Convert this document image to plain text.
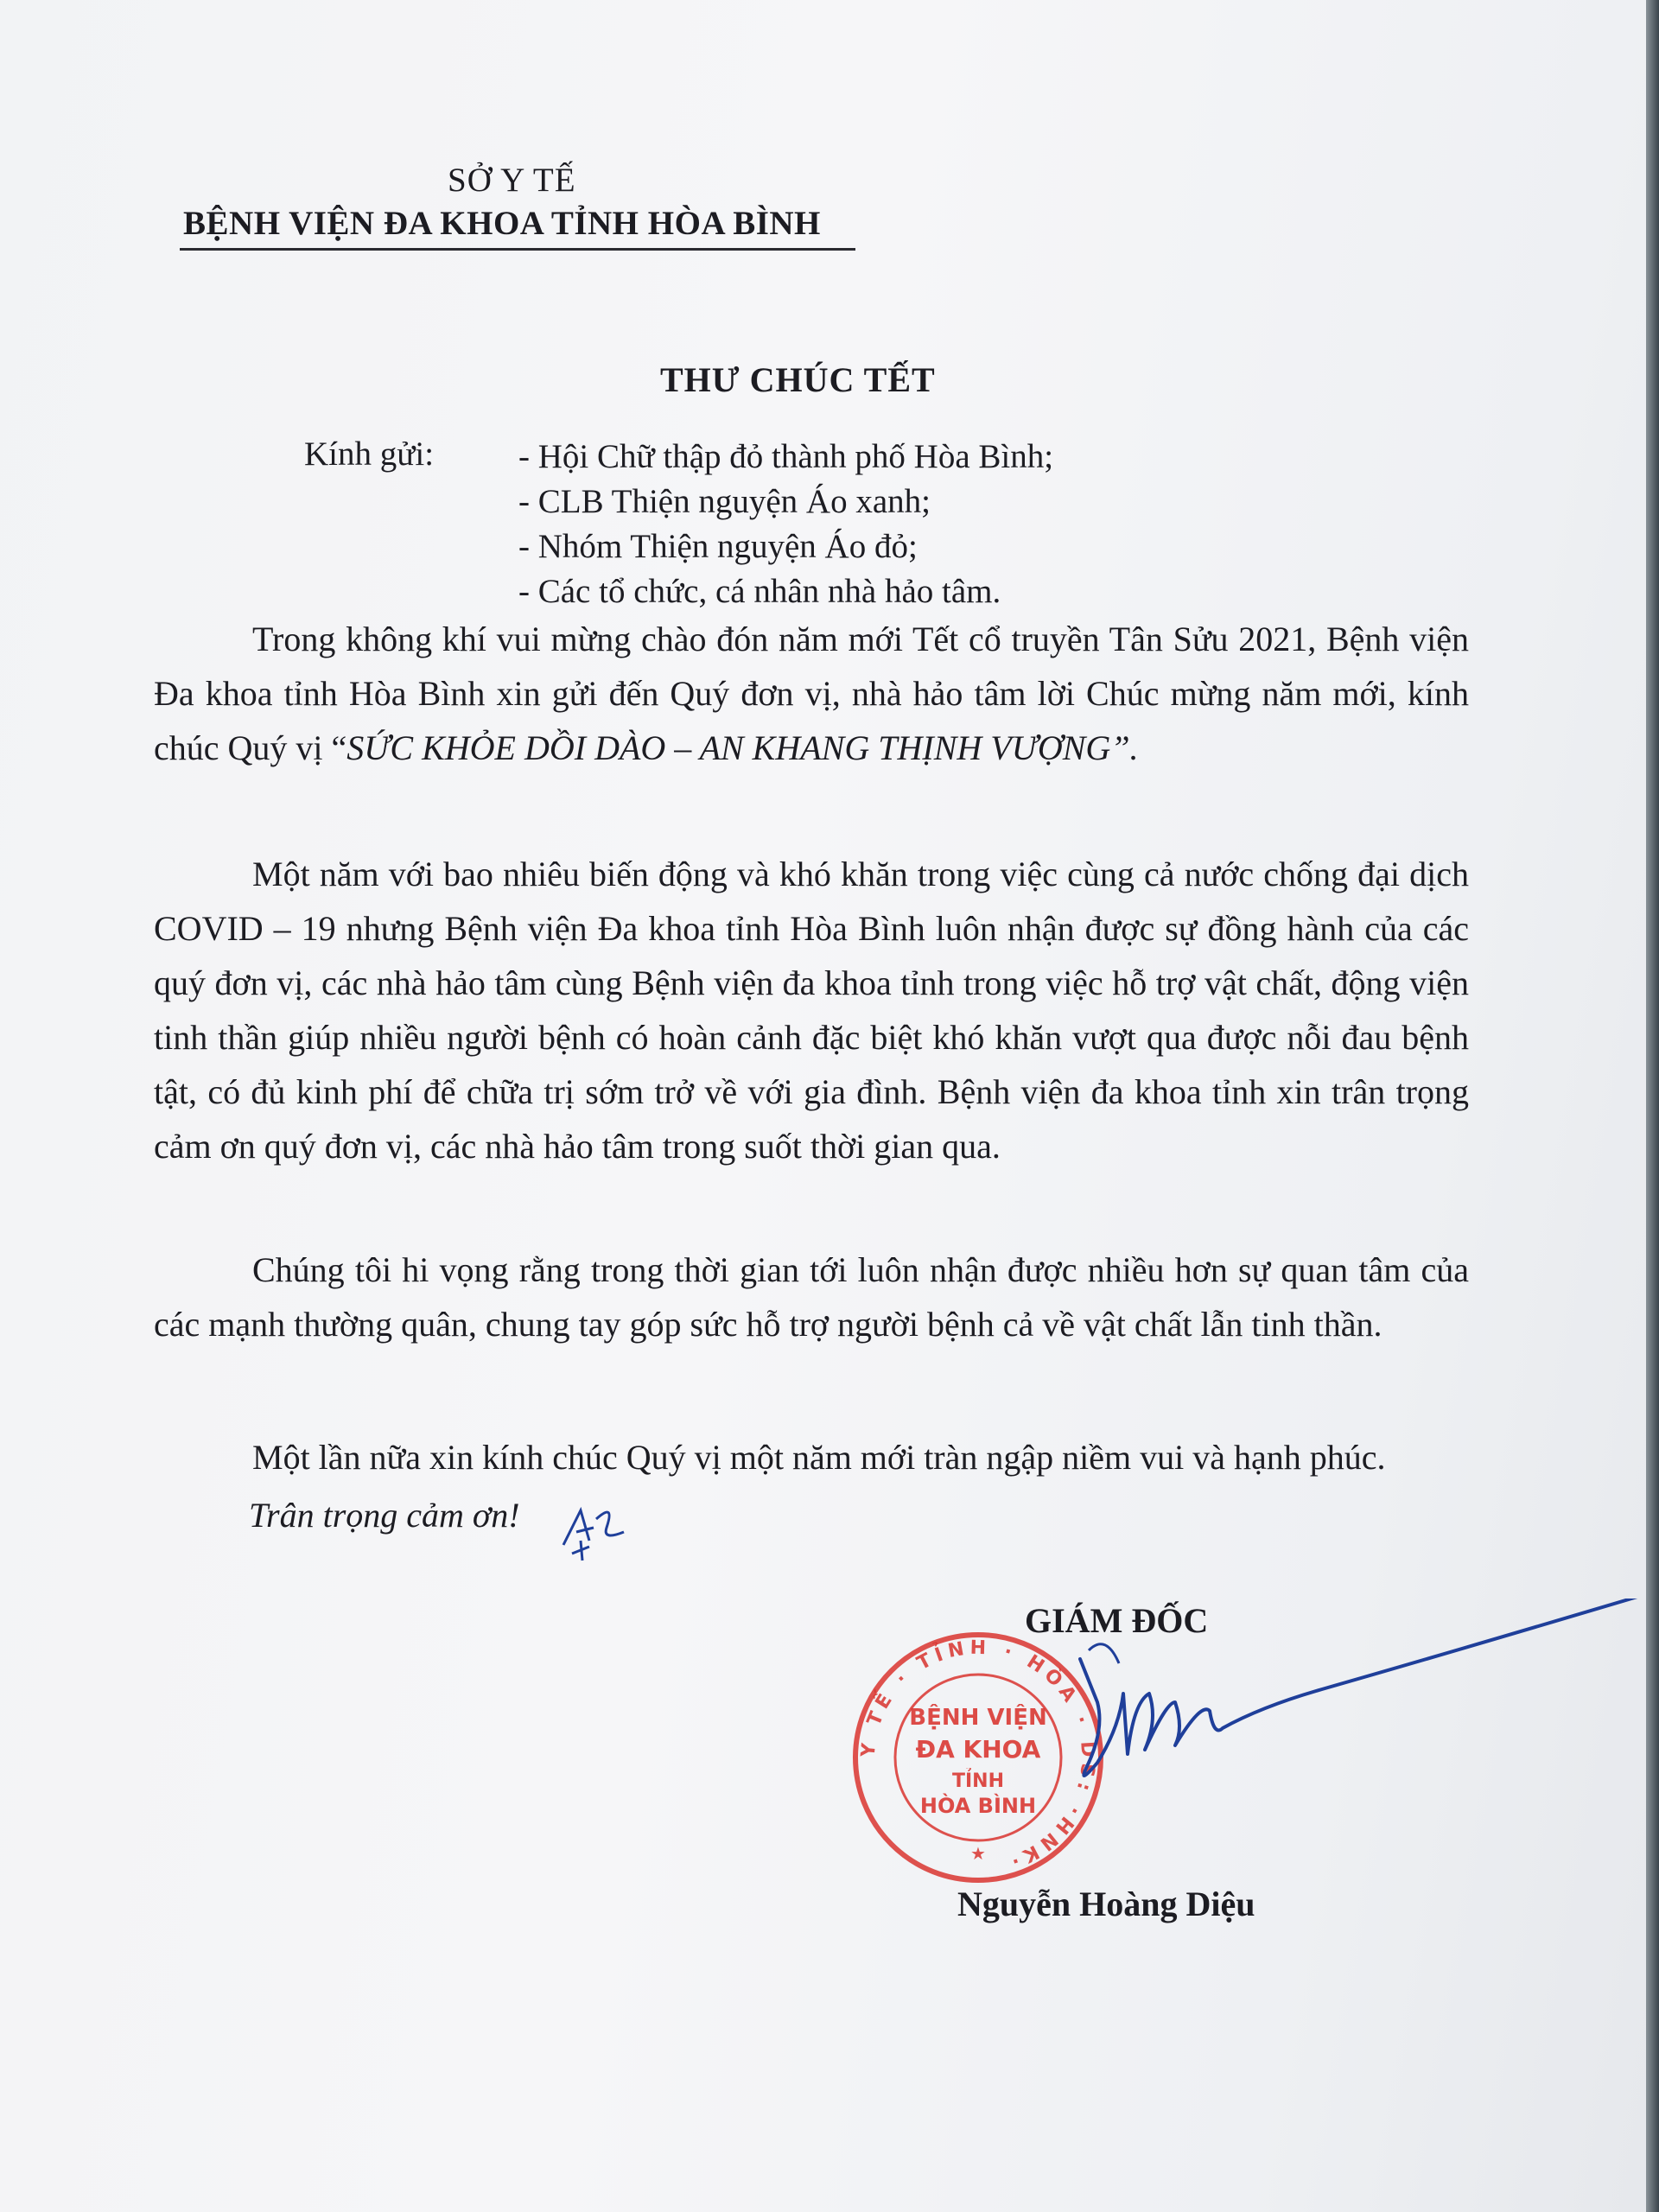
SỞ Y TẾ
BỆNH VIỆN ĐA KHOA TỈNH HÒA BÌNH
THƯ CHÚC TẾT
Kính gửi:	- Hội Chữ thập đỏ thành phố Hòa Bình;
- CLB Thiện nguyện Áo xanh;
- Nhóm Thiện nguyện Áo đỏ;
- Các tổ chức, cá nhân nhà hảo tâm.
Trong không khí vui mừng chào đón năm mới Tết cổ truyền Tân Sửu 2021, Bệnh viện Đa khoa tỉnh Hòa Bình xin gửi đến Quý đơn vị, nhà hảo tâm lời Chúc mừng năm mới, kính chúc Quý vị “SỨC KHỎE DỒI DÀO – AN KHANG THỊNH VƯỢNG”.
Một năm với bao nhiêu biến động và khó khăn trong việc cùng cả nước chống đại dịch COVID – 19 nhưng Bệnh viện Đa khoa tỉnh Hòa Bình luôn nhận được sự đồng hành của các quý đơn vị, các nhà hảo tâm cùng Bệnh viện đa khoa tỉnh trong việc hỗ trợ vật chất, động viện tinh thần giúp nhiều người bệnh có hoàn cảnh đặc biệt khó khăn vượt qua được nỗi đau bệnh tật, có đủ kinh phí để chữa trị sớm trở về với gia đình. Bệnh viện đa khoa tỉnh xin trân trọng cảm ơn quý đơn vị, các nhà hảo tâm trong suốt thời gian qua.
Chúng tôi hi vọng rằng trong thời gian tới luôn nhận được nhiều hơn sự quan tâm của các mạnh thường quân, chung tay góp sức hỗ trợ người bệnh cả về vật chất lẫn tinh thần.
Một lần nữa xin kính chúc Quý vị một năm mới tràn ngập niềm vui và hạnh phúc.
Trân trọng cảm ơn!
GIÁM ĐỐC
Y TẾ · TỈNH · HÒA · DS: ·HNK·
BỆNH VIỆN
ĐA KHOA
TỈNH
HÒA BÌNH
★
Nguyễn Hoàng Diệu
